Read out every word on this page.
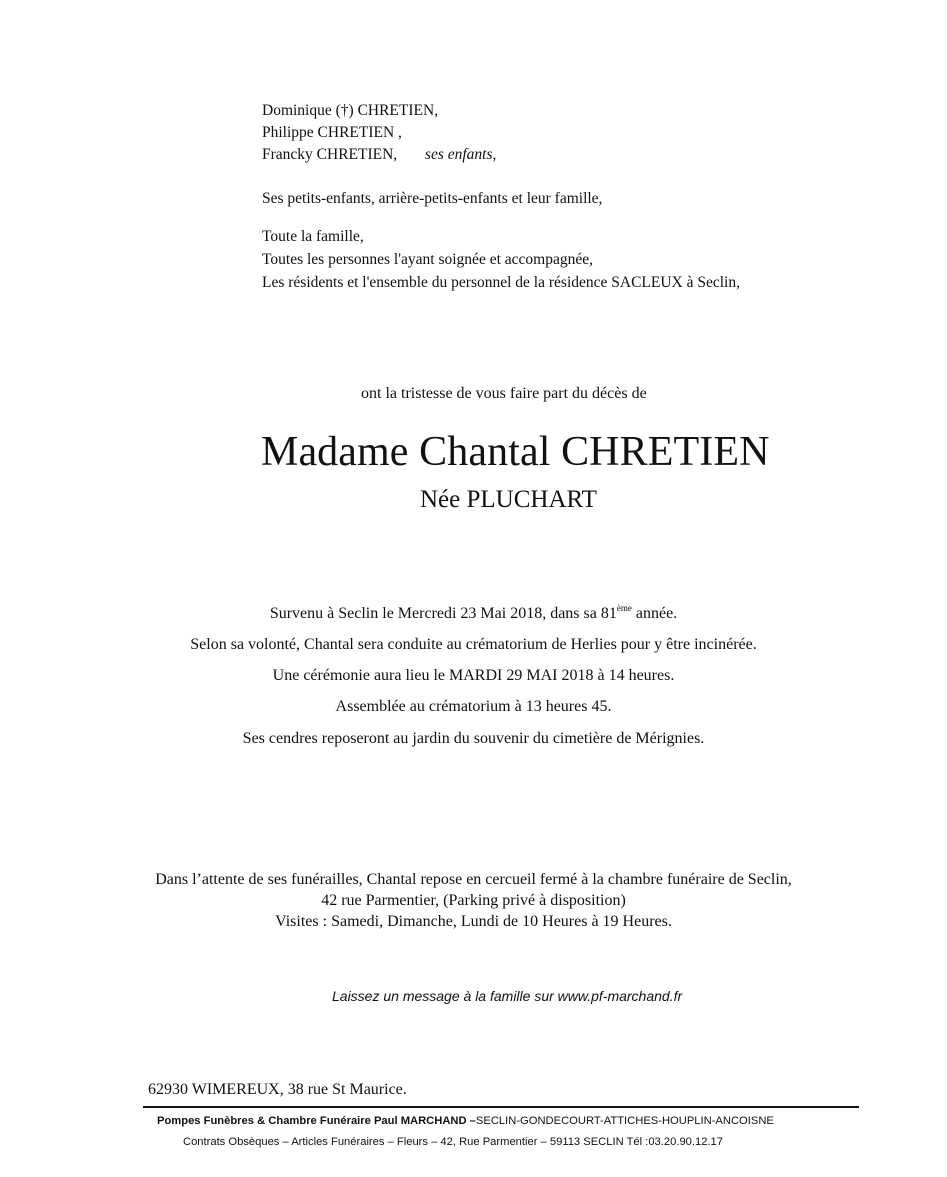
Dominique (†) CHRETIEN,
Philippe CHRETIEN ,
Francky CHRETIEN, ses enfants,
Ses petits-enfants, arrière-petits-enfants et leur famille,
Toute la famille,
Toutes les personnes l'ayant soignée et accompagnée,
Les résidents et l'ensemble du personnel de la résidence SACLEUX à Seclin,
ont la tristesse de vous faire part du décès de
Madame Chantal CHRETIEN
Née PLUCHART
Survenu à Seclin le Mercredi 23 Mai 2018, dans sa 81ème année.
Selon sa volonté, Chantal sera conduite au crématorium de Herlies pour y être incinérée.
Une cérémonie aura lieu le MARDI 29 MAI 2018 à 14 heures.
Assemblée au crématorium à 13 heures 45.
Ses cendres reposeront au jardin du souvenir du cimetière de Mérignies.
Dans l’attente de ses funérailles, Chantal repose en cercueil fermé à la chambre funéraire de Seclin,
42 rue Parmentier, (Parking privé à disposition)
Visites : Samedi, Dimanche, Lundi de 10 Heures à 19 Heures.
Laissez un message à la famille sur www.pf-marchand.fr
62930 WIMEREUX, 38 rue St Maurice.
Pompes Funèbres & Chambre Funéraire Paul MARCHAND –SECLIN-GONDECOURT-ATTICHES-HOUPLIN-ANCOISNE
Contrats Obsèques – Articles Funéraires – Fleurs – 42, Rue Parmentier – 59113 SECLIN Tél :03.20.90.12.17
